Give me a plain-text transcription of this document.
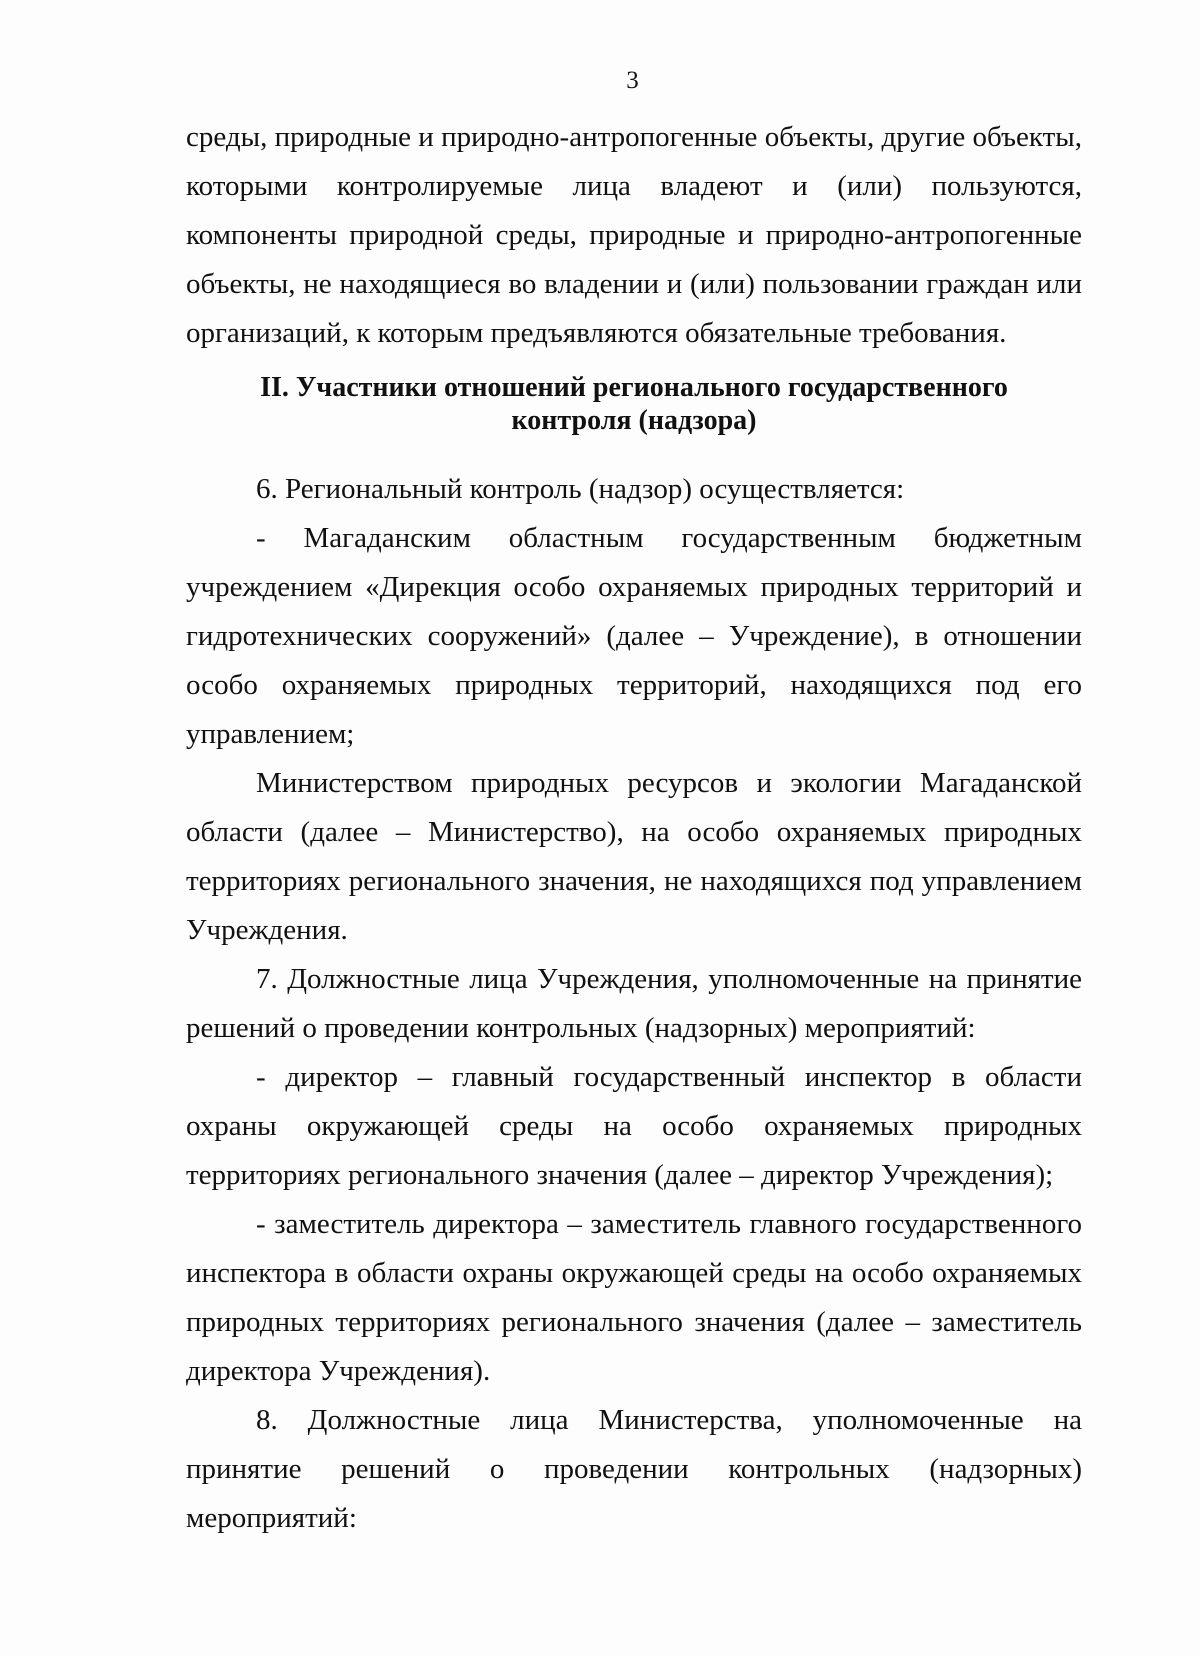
3

среды, природные и природно-антропогенные объекты, другие объекты, которыми контролируемые лица владеют и (или) пользуются, компоненты природной среды, природные и природно-антропогенные объекты, не находящиеся во владении и (или) пользовании граждан или организаций, к которым предъявляются обязательные требования.

II. Участники отношений регионального государственного
контроля (надзора)

6. Региональный контроль (надзор) осуществляется:

- Магаданским областным государственным бюджетным

учреждением «Дирекция особо охраняемых природных территорий и гидротехнических сооружений» (далее – Учреждение), в отношении особо охраняемых природных территорий, находящихся под его управлением;

Министерством природных ресурсов и экологии Магаданской области (далее – Министерство), на особо охраняемых природных территориях регионального значения, не находящихся под управлением Учреждения.

7. Должностные лица Учреждения, уполномоченные на принятие решений о проведении контрольных (надзорных) мероприятий:

- директор – главный государственный инспектор в области охраны окружающей среды на особо охраняемых природных территориях регионального значения (далее – директор Учреждения);

- заместитель директора – заместитель главного государственного инспектора в области охраны окружающей среды на особо охраняемых природных территориях регионального значения (далее – заместитель директора Учреждения).

8. Должностные лица Министерства, уполномоченные на принятие решений о проведении контрольных (надзорных) мероприятий:
